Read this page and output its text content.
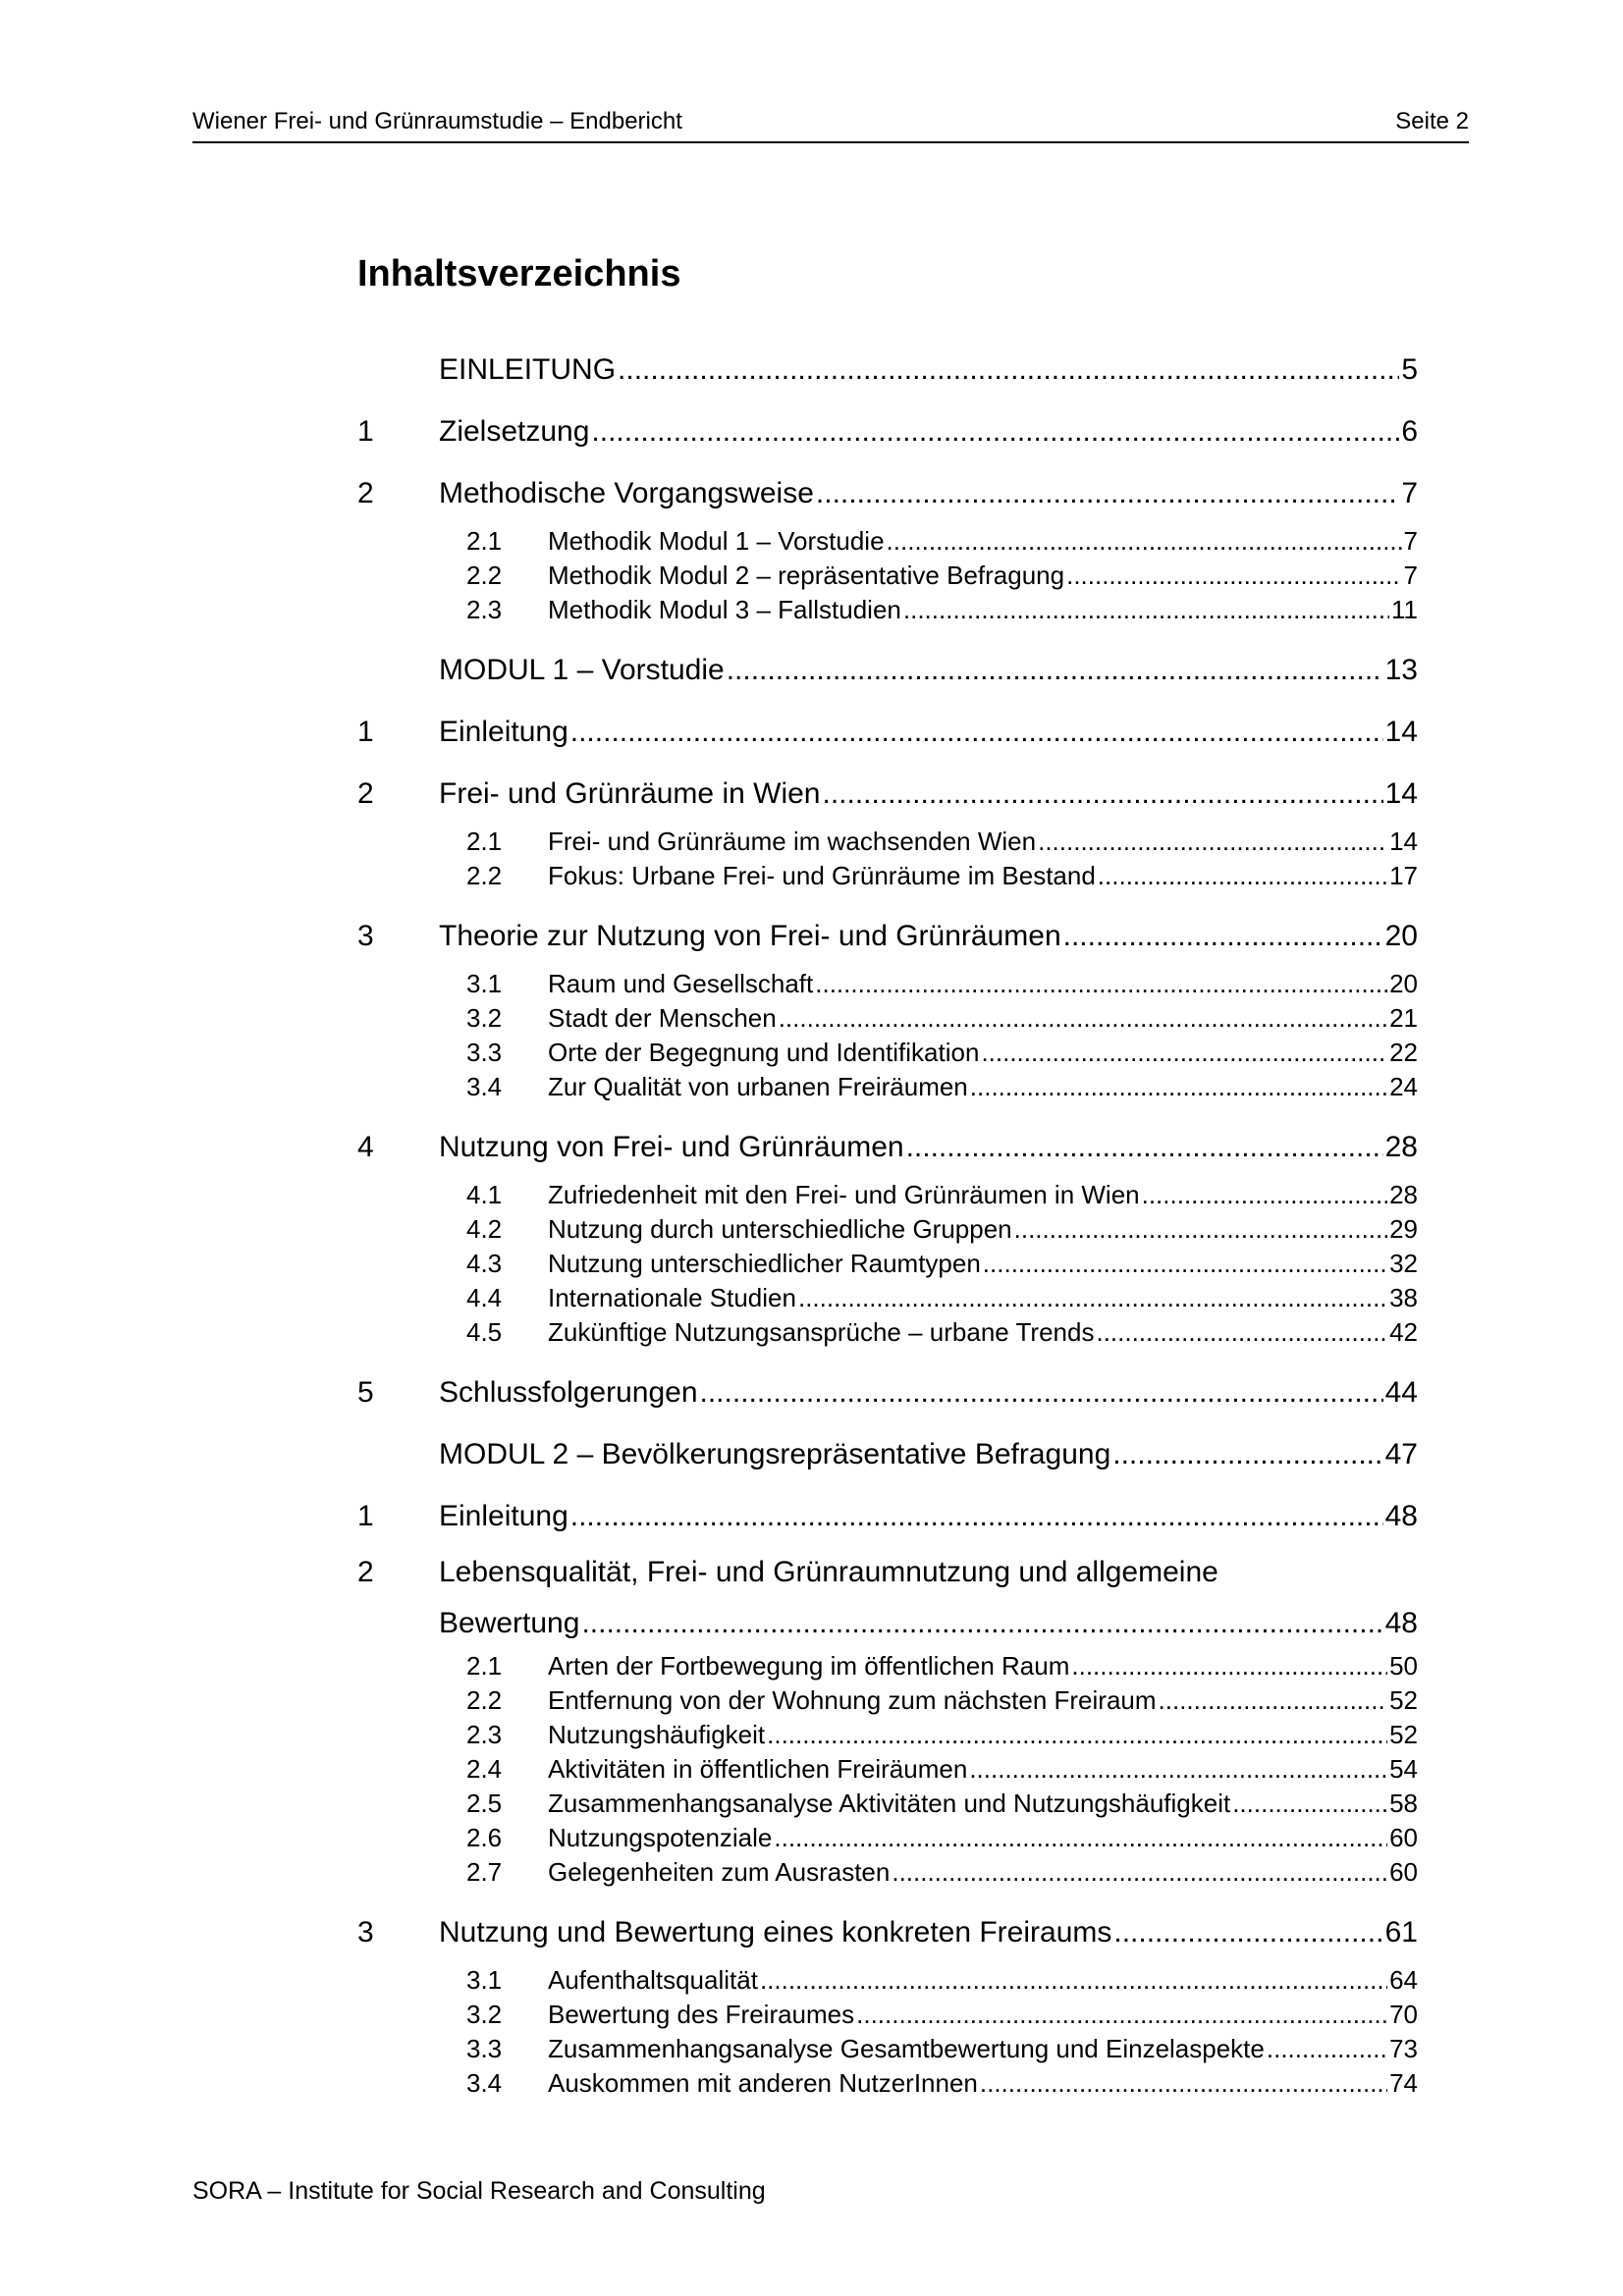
Wiener Frei- und Grünraumstudie – Endbericht	Seite 2
Inhaltsverzeichnis
EINLEITUNG .....	5
1	Zielsetzung .....	6
2	Methodische Vorgangsweise .....	7
2.1	Methodik Modul 1 – Vorstudie .....	7
2.2	Methodik Modul 2 – repräsentative Befragung .....	7
2.3	Methodik Modul 3 – Fallstudien .....	11
MODUL 1 – Vorstudie .....	13
1	Einleitung .....	14
2	Frei- und Grünräume in Wien .....	14
2.1	Frei- und Grünräume im wachsenden Wien .....	14
2.2	Fokus: Urbane Frei- und Grünräume im Bestand .....	17
3	Theorie zur Nutzung von Frei- und Grünräumen .....	20
3.1	Raum und Gesellschaft .....	20
3.2	Stadt der Menschen .....	21
3.3	Orte der Begegnung und Identifikation .....	22
3.4	Zur Qualität von urbanen Freiräumen .....	24
4	Nutzung von Frei- und Grünräumen .....	28
4.1	Zufriedenheit mit den Frei- und Grünräumen in Wien .....	28
4.2	Nutzung durch unterschiedliche Gruppen .....	29
4.3	Nutzung unterschiedlicher Raumtypen .....	32
4.4	Internationale Studien .....	38
4.5	Zukünftige Nutzungsansprüche – urbane Trends .....	42
5	Schlussfolgerungen .....	44
MODUL 2 – Bevölkerungsrepräsentative Befragung .....	47
1	Einleitung .....	48
2	Lebensqualität, Frei- und Grünraumnutzung und allgemeine
Bewertung .....	48
2.1	Arten der Fortbewegung im öffentlichen Raum .....	50
2.2	Entfernung von der Wohnung zum nächsten Freiraum .....	52
2.3	Nutzungshäufigkeit .....	52
2.4	Aktivitäten in öffentlichen Freiräumen .....	54
2.5	Zusammenhangsanalyse Aktivitäten und Nutzungshäufigkeit .....	58
2.6	Nutzungspotenziale .....	60
2.7	Gelegenheiten zum Ausrasten .....	60
3	Nutzung und Bewertung eines konkreten Freiraums .....	61
3.1	Aufenthaltsqualität .....	64
3.2	Bewertung des Freiraumes .....	70
3.3	Zusammenhangsanalyse Gesamtbewertung und Einzelaspekte .....	73
3.4	Auskommen mit anderen NutzerInnen .....	74
SORA – Institute for Social Research and Consulting
